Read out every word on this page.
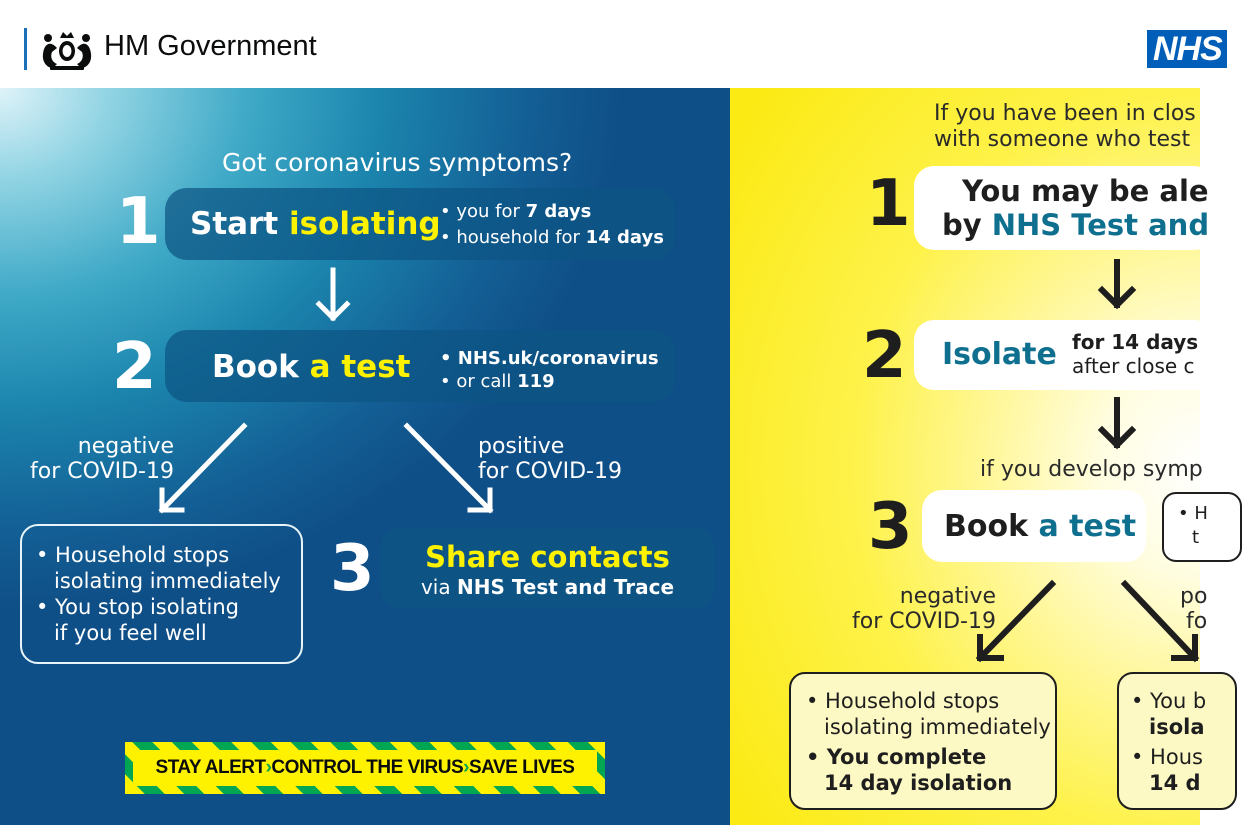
HM Government	NHS
Got coronavirus symptoms?
1 Start isolating • you for 7 days
• household for 14 days
2 Book a test • NHS.uk/coronavirus
• or call 119
negative
for COVID-19
positive
for COVID-19
• Household stops
isolating immediately
• You stop isolating
if you feel well
3	Share contacts
via NHS Test and Trace
STAY ALERT›CONTROL THE VIRUS›SAVE LIVES
If you have been in clos
with someone who test
1 You may be ale
by NHS Test and
2 Isolate for 14 days
after close c
if you develop symp
3 Book a test • H
t
negative
for COVID-19
po
fo
• Household stops
isolating immediately
• You complete
14 day isolation
• You b
isola
• Hous
14 d
